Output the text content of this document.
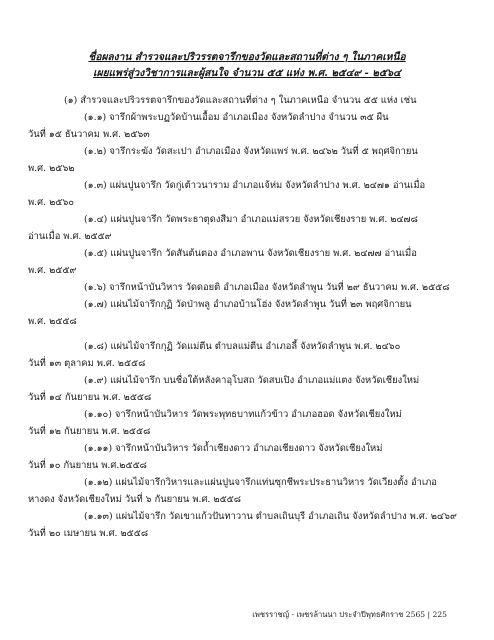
ชื่อผลงาน สำรวจและปริวรรตจารึกของวัดและสถานที่ต่าง ๆ ในภาคเหนือ
เผยแพร่สู่วงวิชาการและผู้สนใจ จำนวน ๕๕ แห่ง พ.ศ. ๒๕๔๙ - ๒๕๖๔
(๑) สำรวจและปริวรรตจารึกของวัดและสถานที่ต่าง ๆ ในภาคเหนือ จำนวน ๕๕ แห่ง เช่น
(๑.๑) จารึกผ้าพระบฏวัดบ้านเอื้อม อำเภอเมือง จังหวัดลำปาง จำนวน ๓๕ ผืน
วันที่ ๑๕ ธันวาคม พ.ศ. ๒๕๖๓
(๑.๒) จารึกระฆัง วัดสะเปา อำเภอเมือง จังหวัดแพร่ พ.ศ. ๒๔๖๒ วันที่ ๕ พฤศจิกายน
พ.ศ. ๒๕๖๒
(๑.๓) แผ่นปูนจารึก วัดกู่เต้าวนาราม อำเภอแจ้ห่ม จังหวัดลำปาง พ.ศ. ๒๔๗๑ อ่านเมื่อ
พ.ศ. ๒๕๖๐
(๑.๔) แผ่นปูนจารึก วัดพระธาตุดงสีมา อำเภอแม่สรวย จังหวัดเชียงราย พ.ศ. ๒๔๗๘
อ่านเมื่อ พ.ศ. ๒๕๕๙
(๑.๕) แผ่นปูนจารึก วัดสันต้นตอง อำเภอพาน จังหวัดเชียงราย พ.ศ. ๒๔๗๗ อ่านเมื่อ
พ.ศ. ๒๕๕๙
(๑.๖) จารึกหน้าบันวิหาร วัดดอยติ อำเภอเมือง จังหวัดลำพูน วันที่ ๒๙ ธันวาคม พ.ศ. ๒๕๕๘
(๑.๗) แผ่นไม้จารึกกุฏิ วัดป่าพลู อำเภอบ้านโฮ่ง จังหวัดลำพูน วันที่ ๒๓ พฤศจิกายน
พ.ศ. ๒๕๕๘
(๑.๘) แผ่นไม้จารึกกุฏิ วัดแม่ตีน ตำบลแม่ตีน อำเภอลี้ จังหวัดลำพูน พ.ศ. ๒๔๖๐
วันที่ ๑๓ ตุลาคม พ.ศ. ๒๕๕๘
(๑.๙) แผ่นไม้จารึก บนชื่อใต้หลังคาอุโบสถ วัดสบเปิง อำเภอแม่แตง จังหวัดเชียงใหม่
วันที่ ๑๔ กันยายน พ.ศ. ๒๕๕๘
(๑.๑๐) จารึกหน้าบันวิหาร วัดพระพุทธบาทแก้วข้าว อำเภอฮอด จังหวัดเชียงใหม่
วันที่ ๑๒ กันยายน พ.ศ. ๒๕๕๘
(๑.๑๑) จารึกหน้าบันวิหาร วัดถ้ำเชียงดาว อำเภอเชียงดาว จังหวัดเชียงใหม่
วันที่ ๑๐ กันยายน พ.ศ.๒๕๕๘
(๑.๑๒) แผ่นไม้จารึกวิหารและแผ่นปูนจารึกแท่นซุกชีพระประธานวิหาร วัดเวียงตั้ง อำเภอ
หางดง จังหวัดเชียงใหม่ วันที่ ๖ กันยายน พ.ศ. ๒๕๕๘
(๑.๑๓) แผ่นไม้จารึก วัดเขาแก้วปันทาวาน ตำบลเถินบุรี อำเภอเถิน จังหวัดลำปาง พ.ศ. ๒๔๖๙
วันที่ ๒๐ เมษายน พ.ศ. ๒๕๕๘
เพชรราชญ์ - เพชรล้านนา ประจำปีพุทธศักราช 2565 | 225
